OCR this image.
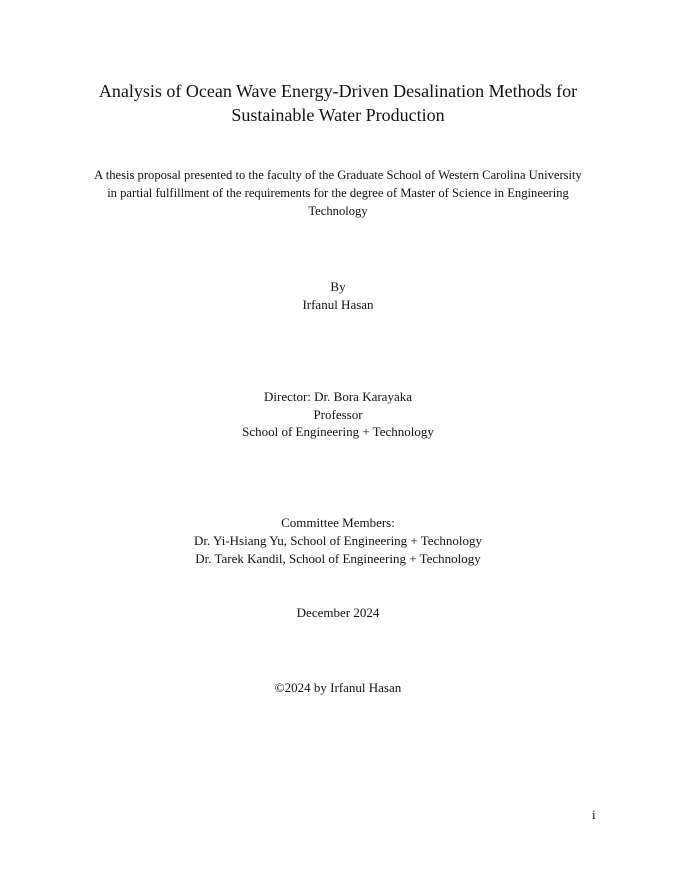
Analysis of Ocean Wave Energy-Driven Desalination Methods for
Sustainable Water Production
A thesis proposal presented to the faculty of the Graduate School of Western Carolina University
in partial fulfillment of the requirements for the degree of Master of Science in Engineering
Technology
By
Irfanul Hasan
Director: Dr. Bora Karayaka
Professor
School of Engineering + Technology
Committee Members:
Dr. Yi-Hsiang Yu, School of Engineering + Technology
Dr. Tarek Kandil, School of Engineering + Technology
December 2024
©2024 by Irfanul Hasan
i
